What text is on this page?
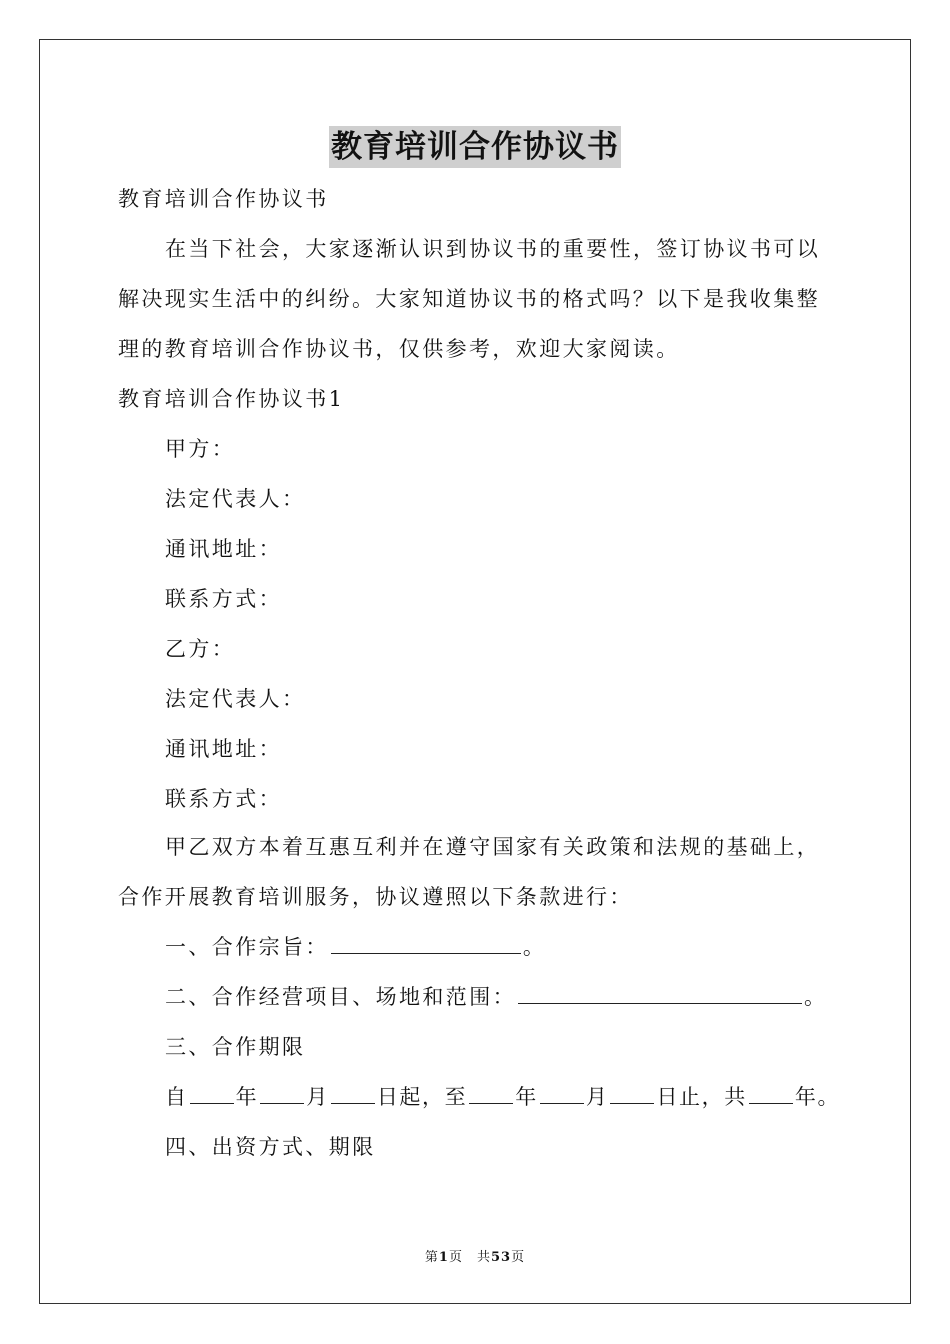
教育培训合作协议书
教育培训合作协议书
在当下社会，大家逐渐认识到协议书的重要性，签订协议书可以
解决现实生活中的纠纷。大家知道协议书的格式吗？以下是我收集整
理的教育培训合作协议书，仅供参考，欢迎大家阅读。
教育培训合作协议书1
甲方：
法定代表人：
通讯地址：
联系方式：
乙方：
法定代表人：
通讯地址：
联系方式：
甲乙双方本着互惠互利并在遵守国家有关政策和法规的基础上，
合作开展教育培训服务，协议遵照以下条款进行：
一、合作宗旨：	。
二、合作经营项目、场地和范围：	。
三、合作期限
自 年 月 日起，至 年 月 日止，共 年。
四、出资方式、期限
第1页 共53页
